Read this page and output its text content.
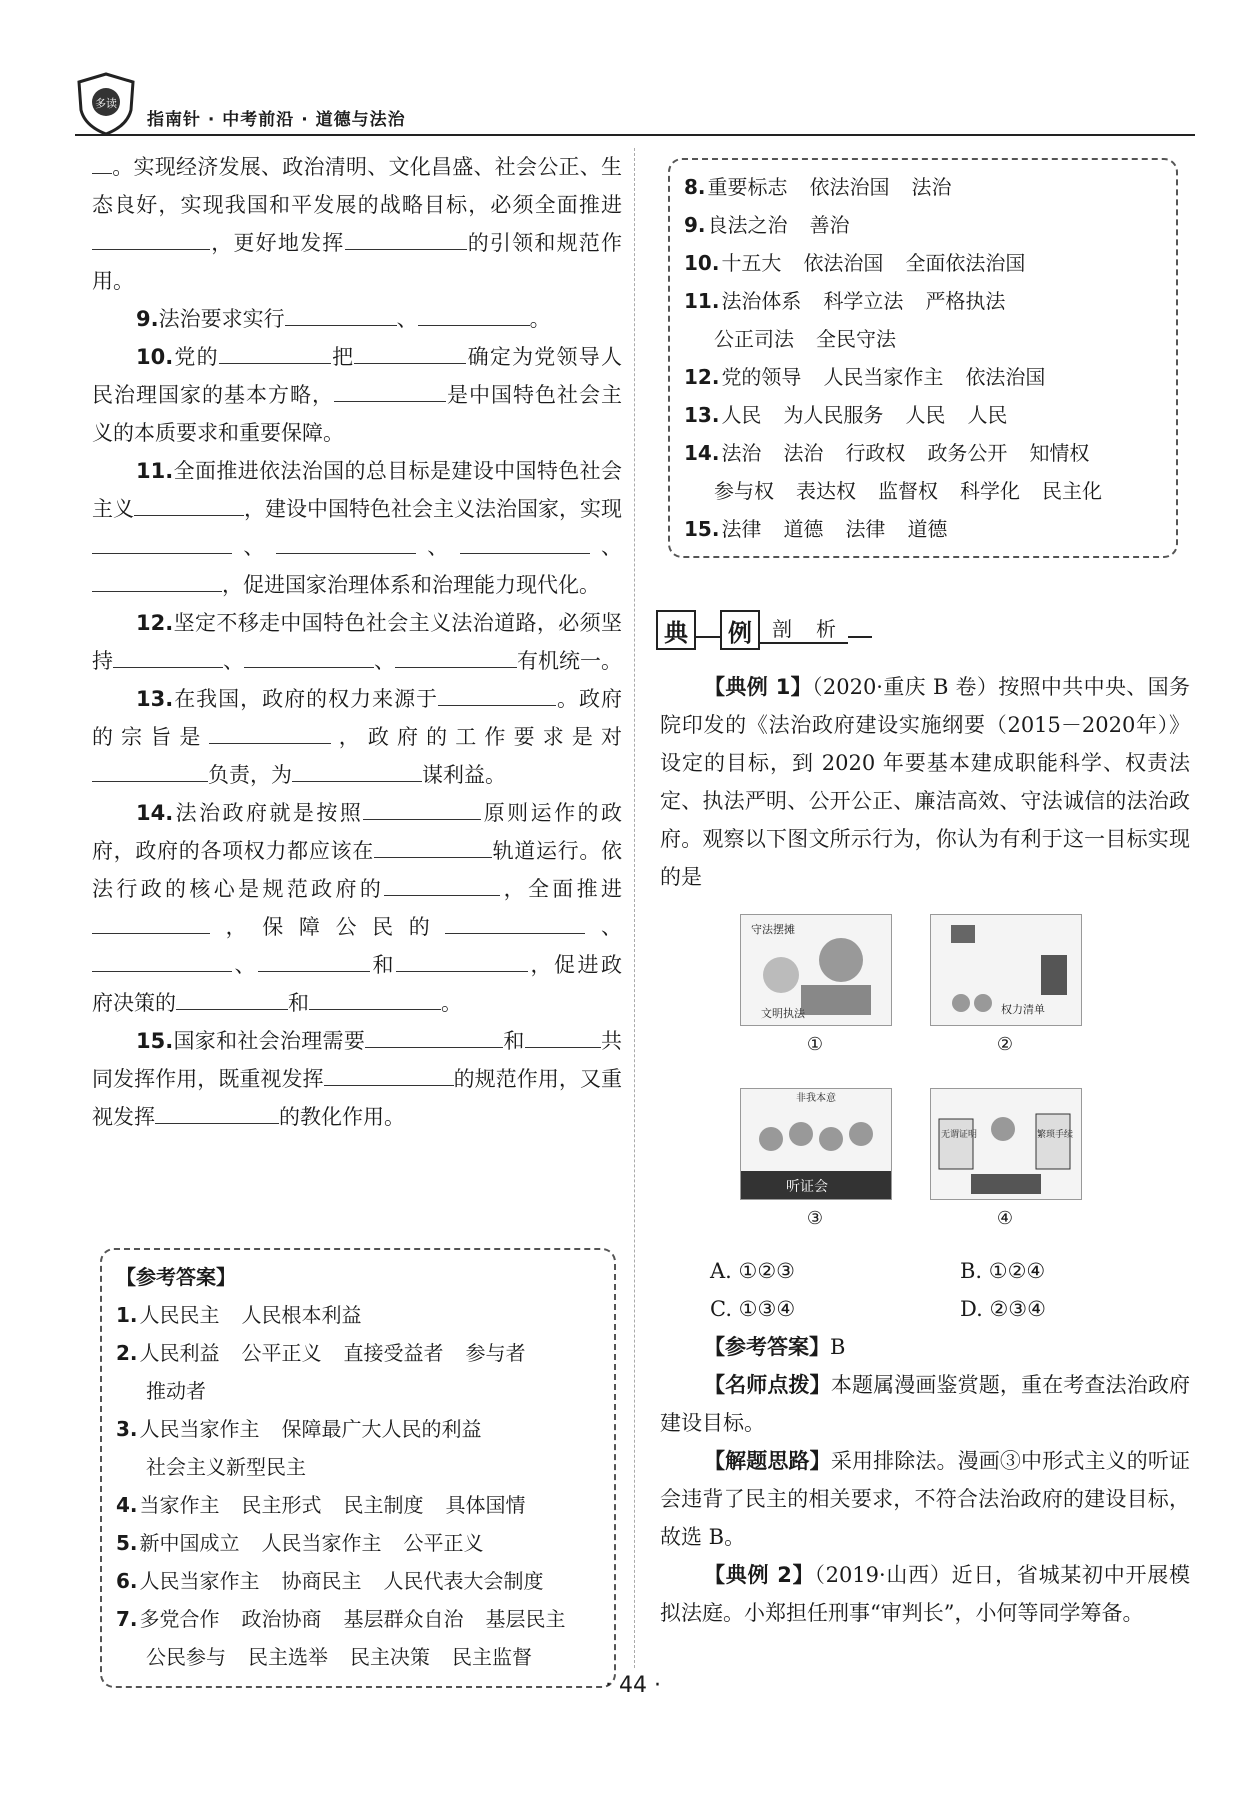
多读
指南针 · 中考前沿 · 道德与法治

。实现经济发展、政治清明、文化昌盛、社会公正、生态良好，实现我国和平发展的战略目标，必须全面推进，更好地发挥	的引领和规范作用。

9.法治要求实行	、	。

10.党的	把	确定为党领导人民治理国家的基本方略，	是中国特色社会主义的本质要求和重要保障。

11.全面推进依法治国的总目标是建设中国特色社会主义	，建设中国特色社会主义法治国家，实现、	、	、，促进国家治理体系和治理能力现代化。

12.坚定不移走中国特色社会主义法治道路，必须坚持	、	、	有机统一。

13.在我国，政府的权力来源于	。政府的宗旨是	，政府的工作要求是对负责，为	谋利益。

14.法治政府就是按照	原则运作的政府，政府的各项权力都应该在	轨道运行。依法行政的核心是规范政府的	，全面推进，保障公民的	、、	和	，促进政府决策的	和	。

15.国家和社会治理需要	和	共同发挥作用，既重视发挥	的规范作用，又重视发挥	的教化作用。

【参考答案】
1. 人民民主 人民根本利益
2. 人民利益 公平正义 直接受益者 参与者
推动者
3. 人民当家作主 保障最广大人民的利益
社会主义新型民主
4. 当家作主 民主形式 民主制度 具体国情
5. 新中国成立 人民当家作主 公平正义
6. 人民当家作主 协商民主 人民代表大会制度
7. 多党合作 政治协商 基层群众自治 基层民主
公民参与 民主选举 民主决策 民主监督
8. 重要标志 依法治国 法治
9. 良法之治 善治
10. 十五大 依法治国 全面依法治国
11. 法治体系 科学立法 严格执法
公正司法 全民守法
12. 党的领导 人民当家作主 依法治国
13. 人民 为人民服务 人民 人民
14. 法治 法治 行政权 政务公开 知情权
参与权 表达权 监督权 科学化 民主化
15. 法律 道德 法律 道德
典	例	剖	析

【典例 1】（2020·重庆 B 卷）按照中共中央、国务院印发的《法治政府建设实施纲要（2015－2020年）》设定的目标，到 2020 年要基本建成职能科学、权责法定、执法严明、公开公正、廉洁高效、守法诚信的法治政府。观察以下图文所示行为，你认为有利于这一目标实现的是

守法摆摊
文明执法
①
权力清单
②
非我本意
听证会
③
无谓证明	繁琐手续
④
A. ①②③	B. ①②④
C. ①③④	D. ②③④

【参考答案】B

【名师点拨】本题属漫画鉴赏题，重在考查法治政府建设目标。

【解题思路】采用排除法。漫画③中形式主义的听证会违背了民主的相关要求，不符合法治政府的建设目标，故选 B。

【典例 2】（2019·山西）近日，省城某初中开展模拟法庭。小郑担任刑事“审判长”，小何等同学筹备。

· 44 ·
